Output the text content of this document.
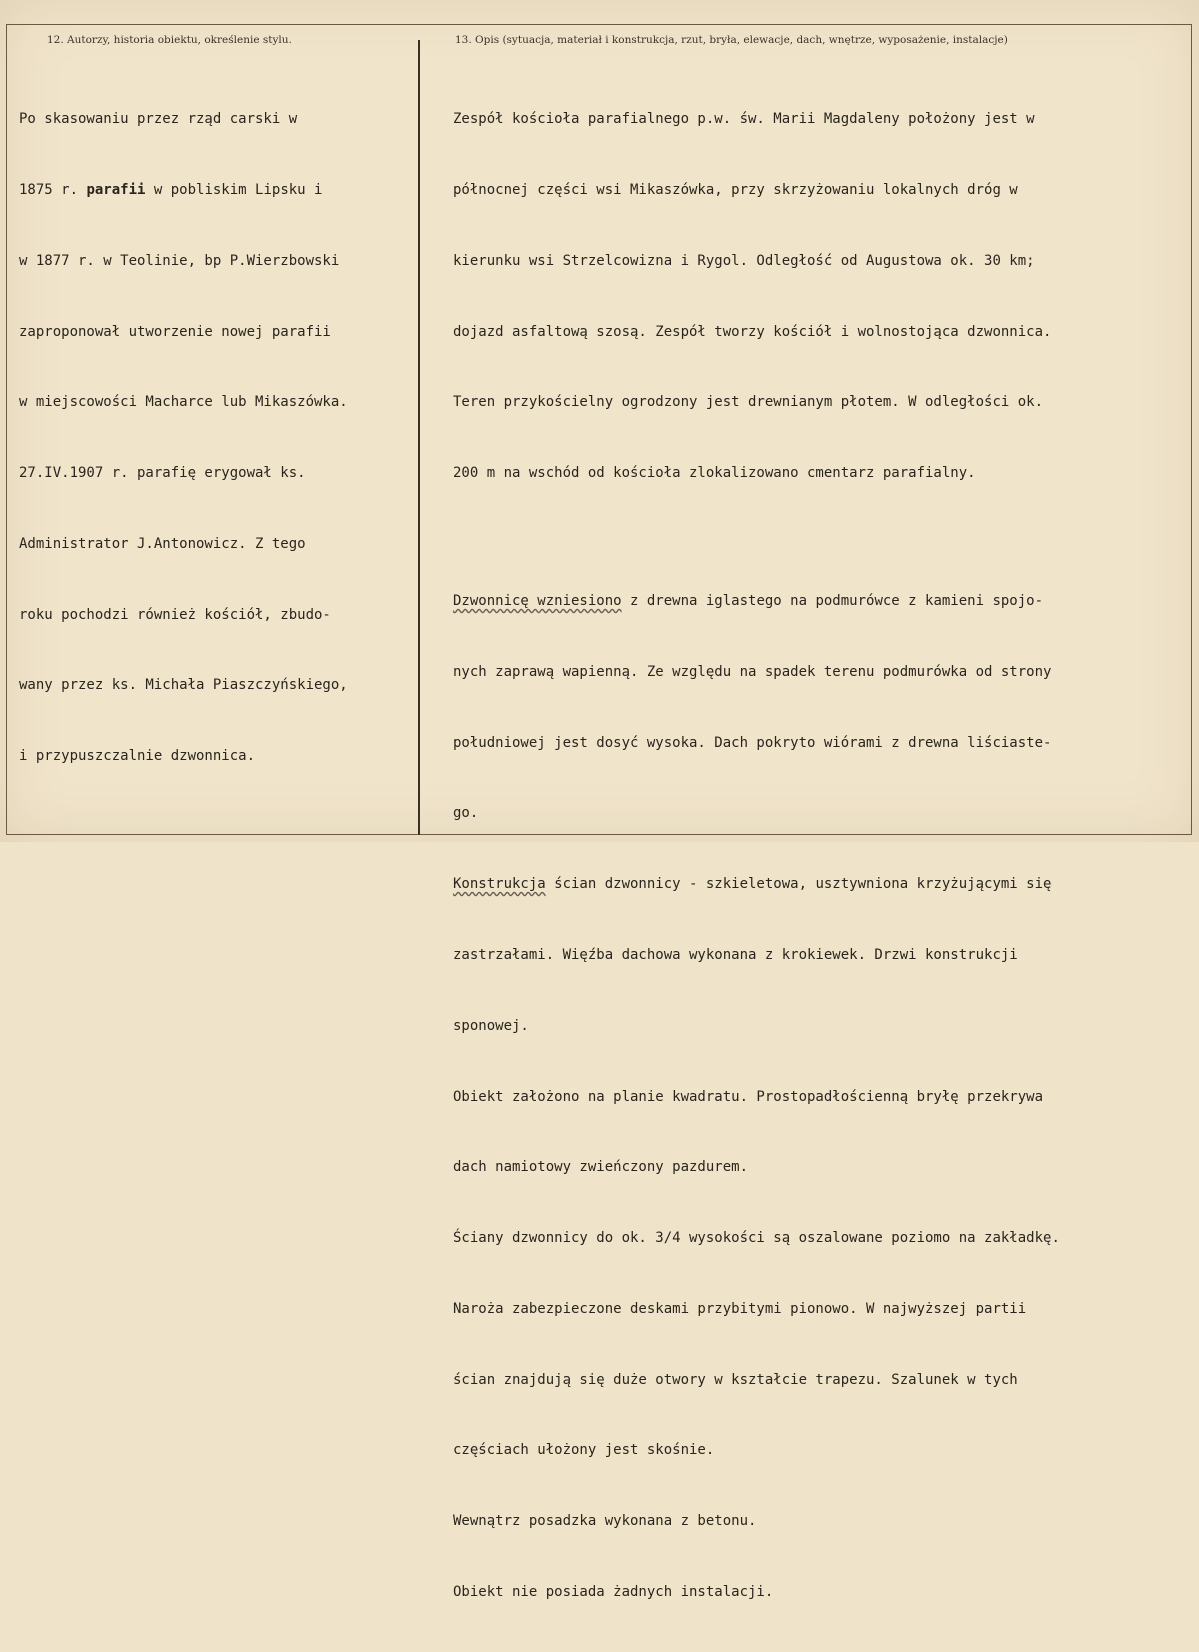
12. Autorzy, historia obiektu, określenie stylu.	13. Opis (sytuacja, materiał i konstrukcja, rzut, bryła, elewacje, dach, wnętrze, wyposażenie, instalacje)

Po skasowaniu przez rząd carski w

1875 r. parafii w pobliskim Lipsku i

w 1877 r. w Teolinie, bp P.Wierzbowski

zaproponował utworzenie nowej parafii

w miejscowości Macharce lub Mikaszówka.

27.IV.1907 r. parafię erygował ks.

Administrator J.Antonowicz. Z tego

roku pochodzi również kościół, zbudo-

wany przez ks. Michała Piaszczyńskiego,

i przypuszczalnie dzwonnica.

Zespół kościoła parafialnego p.w. św. Marii Magdaleny położony jest w

północnej części wsi Mikaszówka, przy skrzyżowaniu lokalnych dróg w

kierunku wsi Strzelcowizna i Rygol. Odległość od Augustowa ok. 30 km;

dojazd asfaltową szosą. Zespół tworzy kościół i wolnostojąca dzwonnica.

Teren przykościelny ogrodzony jest drewnianym płotem. W odległości ok.

200 m na wschód od kościoła zlokalizowano cmentarz parafialny.

Dzwonnicę wzniesiono z drewna iglastego na podmurówce z kamieni spojo-

nych zaprawą wapienną. Ze względu na spadek terenu podmurówka od strony

południowej jest dosyć wysoka. Dach pokryto wiórami z drewna liściaste-

go.

Konstrukcja ścian dzwonnicy - szkieletowa, usztywniona krzyżującymi się

zastrzałami. Więźba dachowa wykonana z krokiewek. Drzwi konstrukcji

sponowej.

Obiekt założono na planie kwadratu. Prostopadłościenną bryłę przekrywa

dach namiotowy zwieńczony pazdurem.

Ściany dzwonnicy do ok. 3/4 wysokości są oszalowane poziomo na zakładkę.

Naroża zabezpieczone deskami przybitymi pionowo. W najwyższej partii

ścian znajdują się duże otwory w kształcie trapezu. Szalunek w tych

częściach ułożony jest skośnie.

Wewnątrz posadzka wykonana z betonu.

Obiekt nie posiada żadnych instalacji.
